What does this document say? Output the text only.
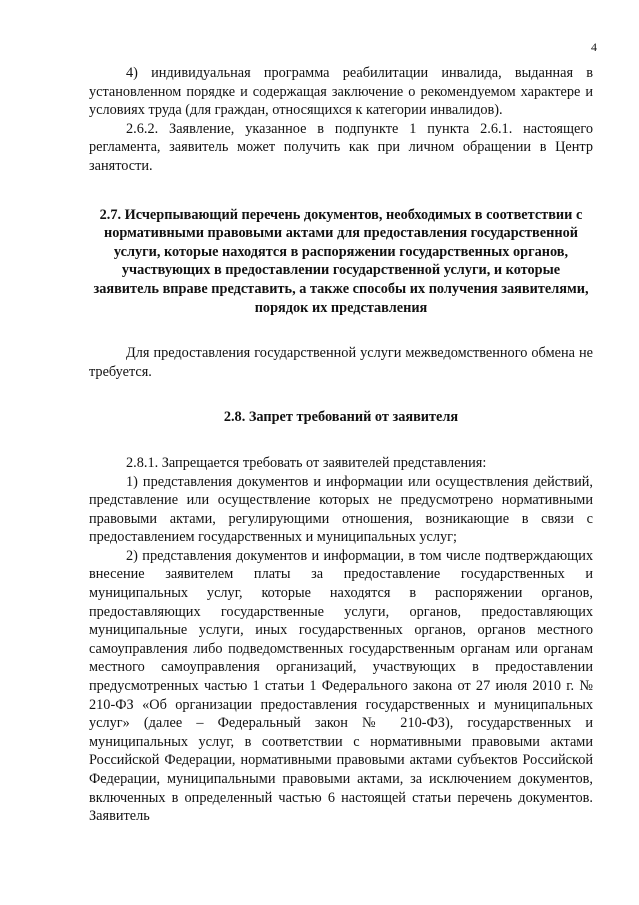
4

4) индивидуальная программа реабилитации инвалида, выданная в установленном порядке и содержащая заключение о рекомендуемом характере и условиях труда (для граждан, относящихся к категории инвалидов).

2.6.2. Заявление, указанное в подпункте 1 пункта 2.6.1. настоящего регламента, заявитель может получить как при личном обращении в Центр занятости.

2.7. Исчерпывающий перечень документов, необходимых в соответствии с нормативными правовыми актами для предоставления государственной услуги, которые находятся в распоряжении государственных органов, участвующих в предоставлении государственной услуги, и которые заявитель вправе представить, а также способы их получения заявителями, порядок их представления

Для предоставления государственной услуги межведомственного обмена не требуется.

2.8. Запрет требований от заявителя

2.8.1. Запрещается требовать от заявителей представления:

1) представления документов и информации или осуществления действий, представление или осуществление которых не предусмотрено нормативными правовыми актами, регулирующими отношения, возникающие в связи с предоставлением государственных и муниципальных услуг;

2) представления документов и информации, в том числе подтверждающих внесение заявителем платы за предоставление государственных и муниципальных услуг, которые находятся в распоряжении органов, предоставляющих государственные услуги, органов, предоставляющих муниципальные услуги, иных государственных органов, органов местного самоуправления либо подведомственных государственным органам или органам местного самоуправления организаций, участвующих в предоставлении предусмотренных частью 1 статьи 1 Федерального закона от 27 июля 2010 г. № 210-ФЗ «Об организации предоставления государственных и муниципальных услуг» (далее – Федеральный закон № 210-ФЗ), государственных и муниципальных услуг, в соответствии с нормативными правовыми актами Российской Федерации, нормативными правовыми актами субъектов Российской Федерации, муниципальными правовыми актами, за исключением документов, включенных в определенный частью 6 настоящей статьи перечень документов. Заявитель
